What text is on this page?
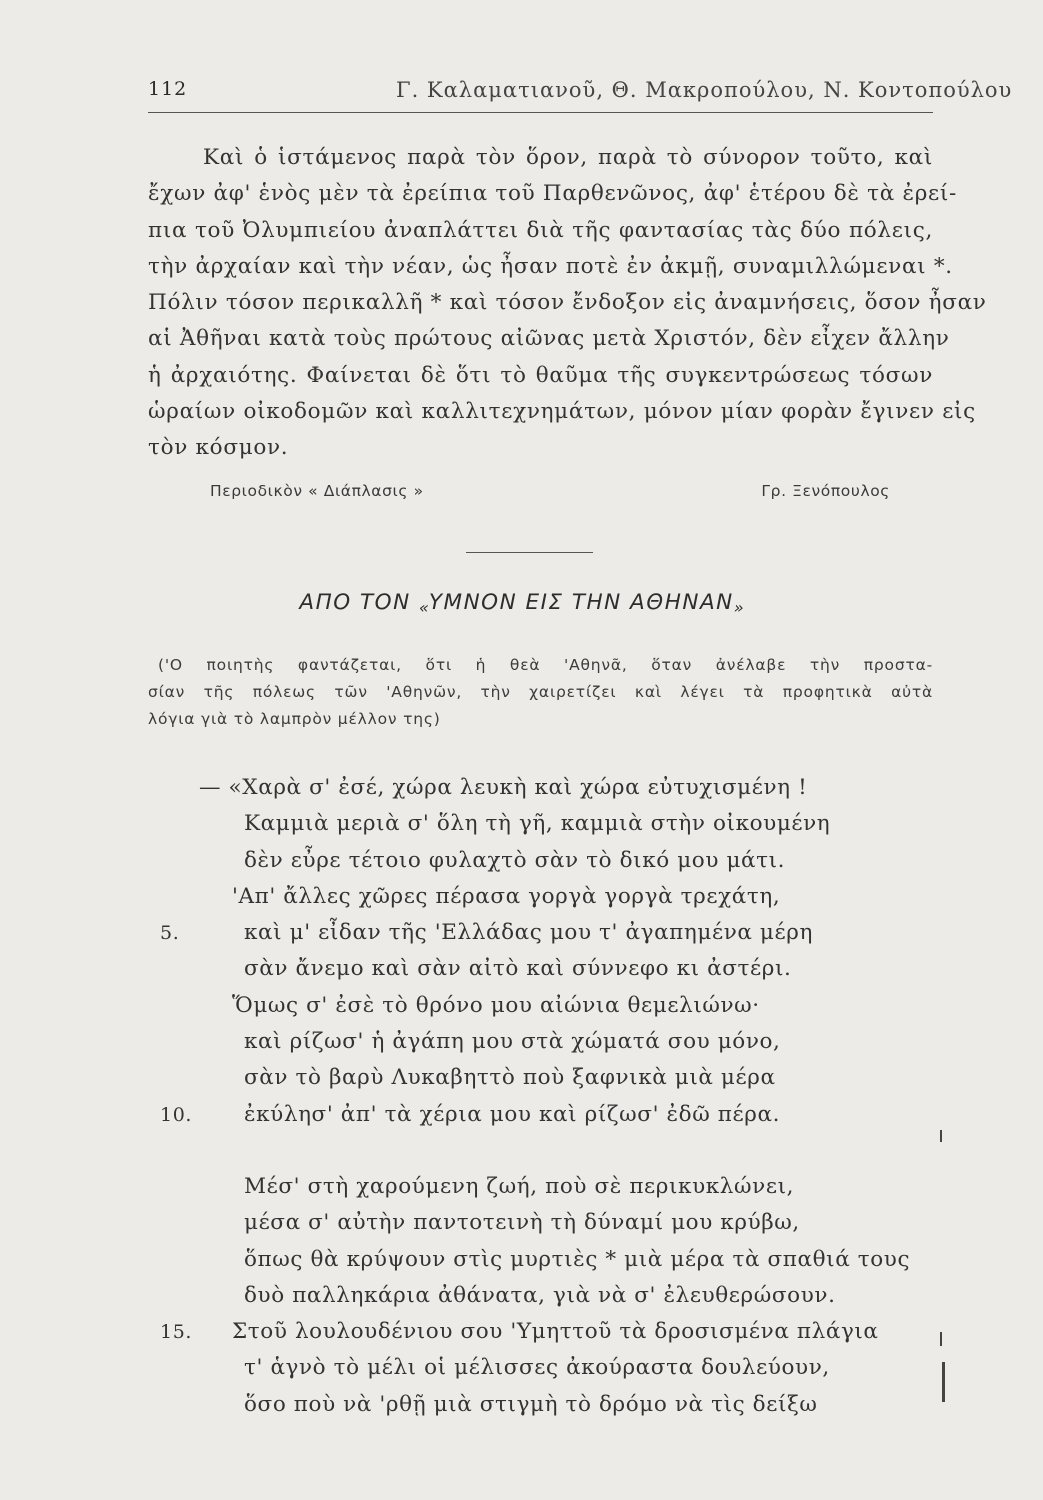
112	Γ. Καλαματιανοῦ, Θ. Μακροπούλου, Ν. Κοντοπούλου
Καὶ ὁ ἱστάμενος παρὰ τὸν ὅρον, παρὰ τὸ σύνορον τοῦτο, καὶ
ἔχων ἀφ' ἑνὸς μὲν τὰ ἐρείπια τοῦ Παρθενῶνος, ἀφ' ἑτέρου δὲ τὰ ἐρεί-
πια τοῦ Ὀλυμπιείου ἀναπλάττει διὰ τῆς φαντασίας τὰς δύο πόλεις,
τὴν ἀρχαίαν καὶ τὴν νέαν, ὡς ἦσαν ποτὲ ἐν ἀκμῇ, συναμιλλώμεναι *.
Πόλιν τόσον περικαλλῆ * καὶ τόσον ἔνδοξον εἰς ἀναμνήσεις, ὅσον ἦσαν
αἱ Ἀθῆναι κατὰ τοὺς πρώτους αἰῶνας μετὰ Χριστόν, δὲν εἶχεν ἄλλην
ἡ ἀρχαιότης. Φαίνεται δὲ ὅτι τὸ θαῦμα τῆς συγκεντρώσεως τόσων
ὡραίων οἰκοδομῶν καὶ καλλιτεχνημάτων, μόνον μίαν φορὰν ἔγινεν εἰς
τὸν κόσμον.
Περιοδικὸν « Διάπλασις »	Γρ. Ξενόπουλος
ΑΠΟ ΤΟΝ «ΥΜΝΟΝ ΕΙΣ ΤΗΝ ΑΘΗΝΑΝ»
('Ο ποιητὴς φαντάζεται, ὅτι ἡ θεὰ 'Αθηνᾶ, ὅταν ἀνέλαβε τὴν προστα-
σίαν τῆς πόλεως τῶν 'Αθηνῶν, τὴν χαιρετίζει καὶ λέγει τὰ προφητικὰ αὐτὰ
λόγια γιὰ τὸ λαμπρὸν μέλλον της)
— «Χαρὰ σ' ἐσέ, χώρα λευκὴ καὶ χώρα εὐτυχισμένη !
Καμμιὰ μεριὰ σ' ὅλη τὴ γῆ, καμμιὰ στὴν οἰκουμένη
δὲν εὖρε τέτοιο φυλαχτὸ σὰν τὸ δικό μου μάτι.
'Απ' ἄλλες χῶρες πέρασα γοργὰ γοργὰ τρεχάτη,
5.	καὶ μ' εἶδαν τῆς 'Ελλάδας μου τ' ἀγαπημένα μέρη
σὰν ἄνεμο καὶ σὰν αἰτὸ καὶ σύννεφο κι ἀστέρι.
Ὅμως σ' ἐσὲ τὸ θρόνο μου αἰώνια θεμελιώνω·
καὶ ρίζωσ' ἡ ἀγάπη μου στὰ χώματά σου μόνο,
σὰν τὸ βαρὺ Λυκαβηττὸ ποὺ ξαφνικὰ μιὰ μέρα
10. ἐκύλησ' ἀπ' τὰ χέρια μου καὶ ρίζωσ' ἐδῶ πέρα.
Μέσ' στὴ χαρούμενη ζωή, ποὺ σὲ περικυκλώνει,
μέσα σ' αὐτὴν παντοτεινὴ τὴ δύναμί μου κρύβω,
ὅπως θὰ κρύψουν στὶς μυρτιὲς * μιὰ μέρα τὰ σπαθιά τους
δυὸ παλληκάρια ἀθάνατα, γιὰ νὰ σ' ἐλευθερώσουν.
15. Στοῦ λουλουδένιου σου 'Υμηττοῦ τὰ δροσισμένα πλάγια
τ' ἁγνὸ τὸ μέλι οἱ μέλισσες ἀκούραστα δουλεύουν,
ὅσο ποὺ νὰ 'ρθῇ μιὰ στιγμὴ τὸ δρόμο νὰ τὶς δείξω
